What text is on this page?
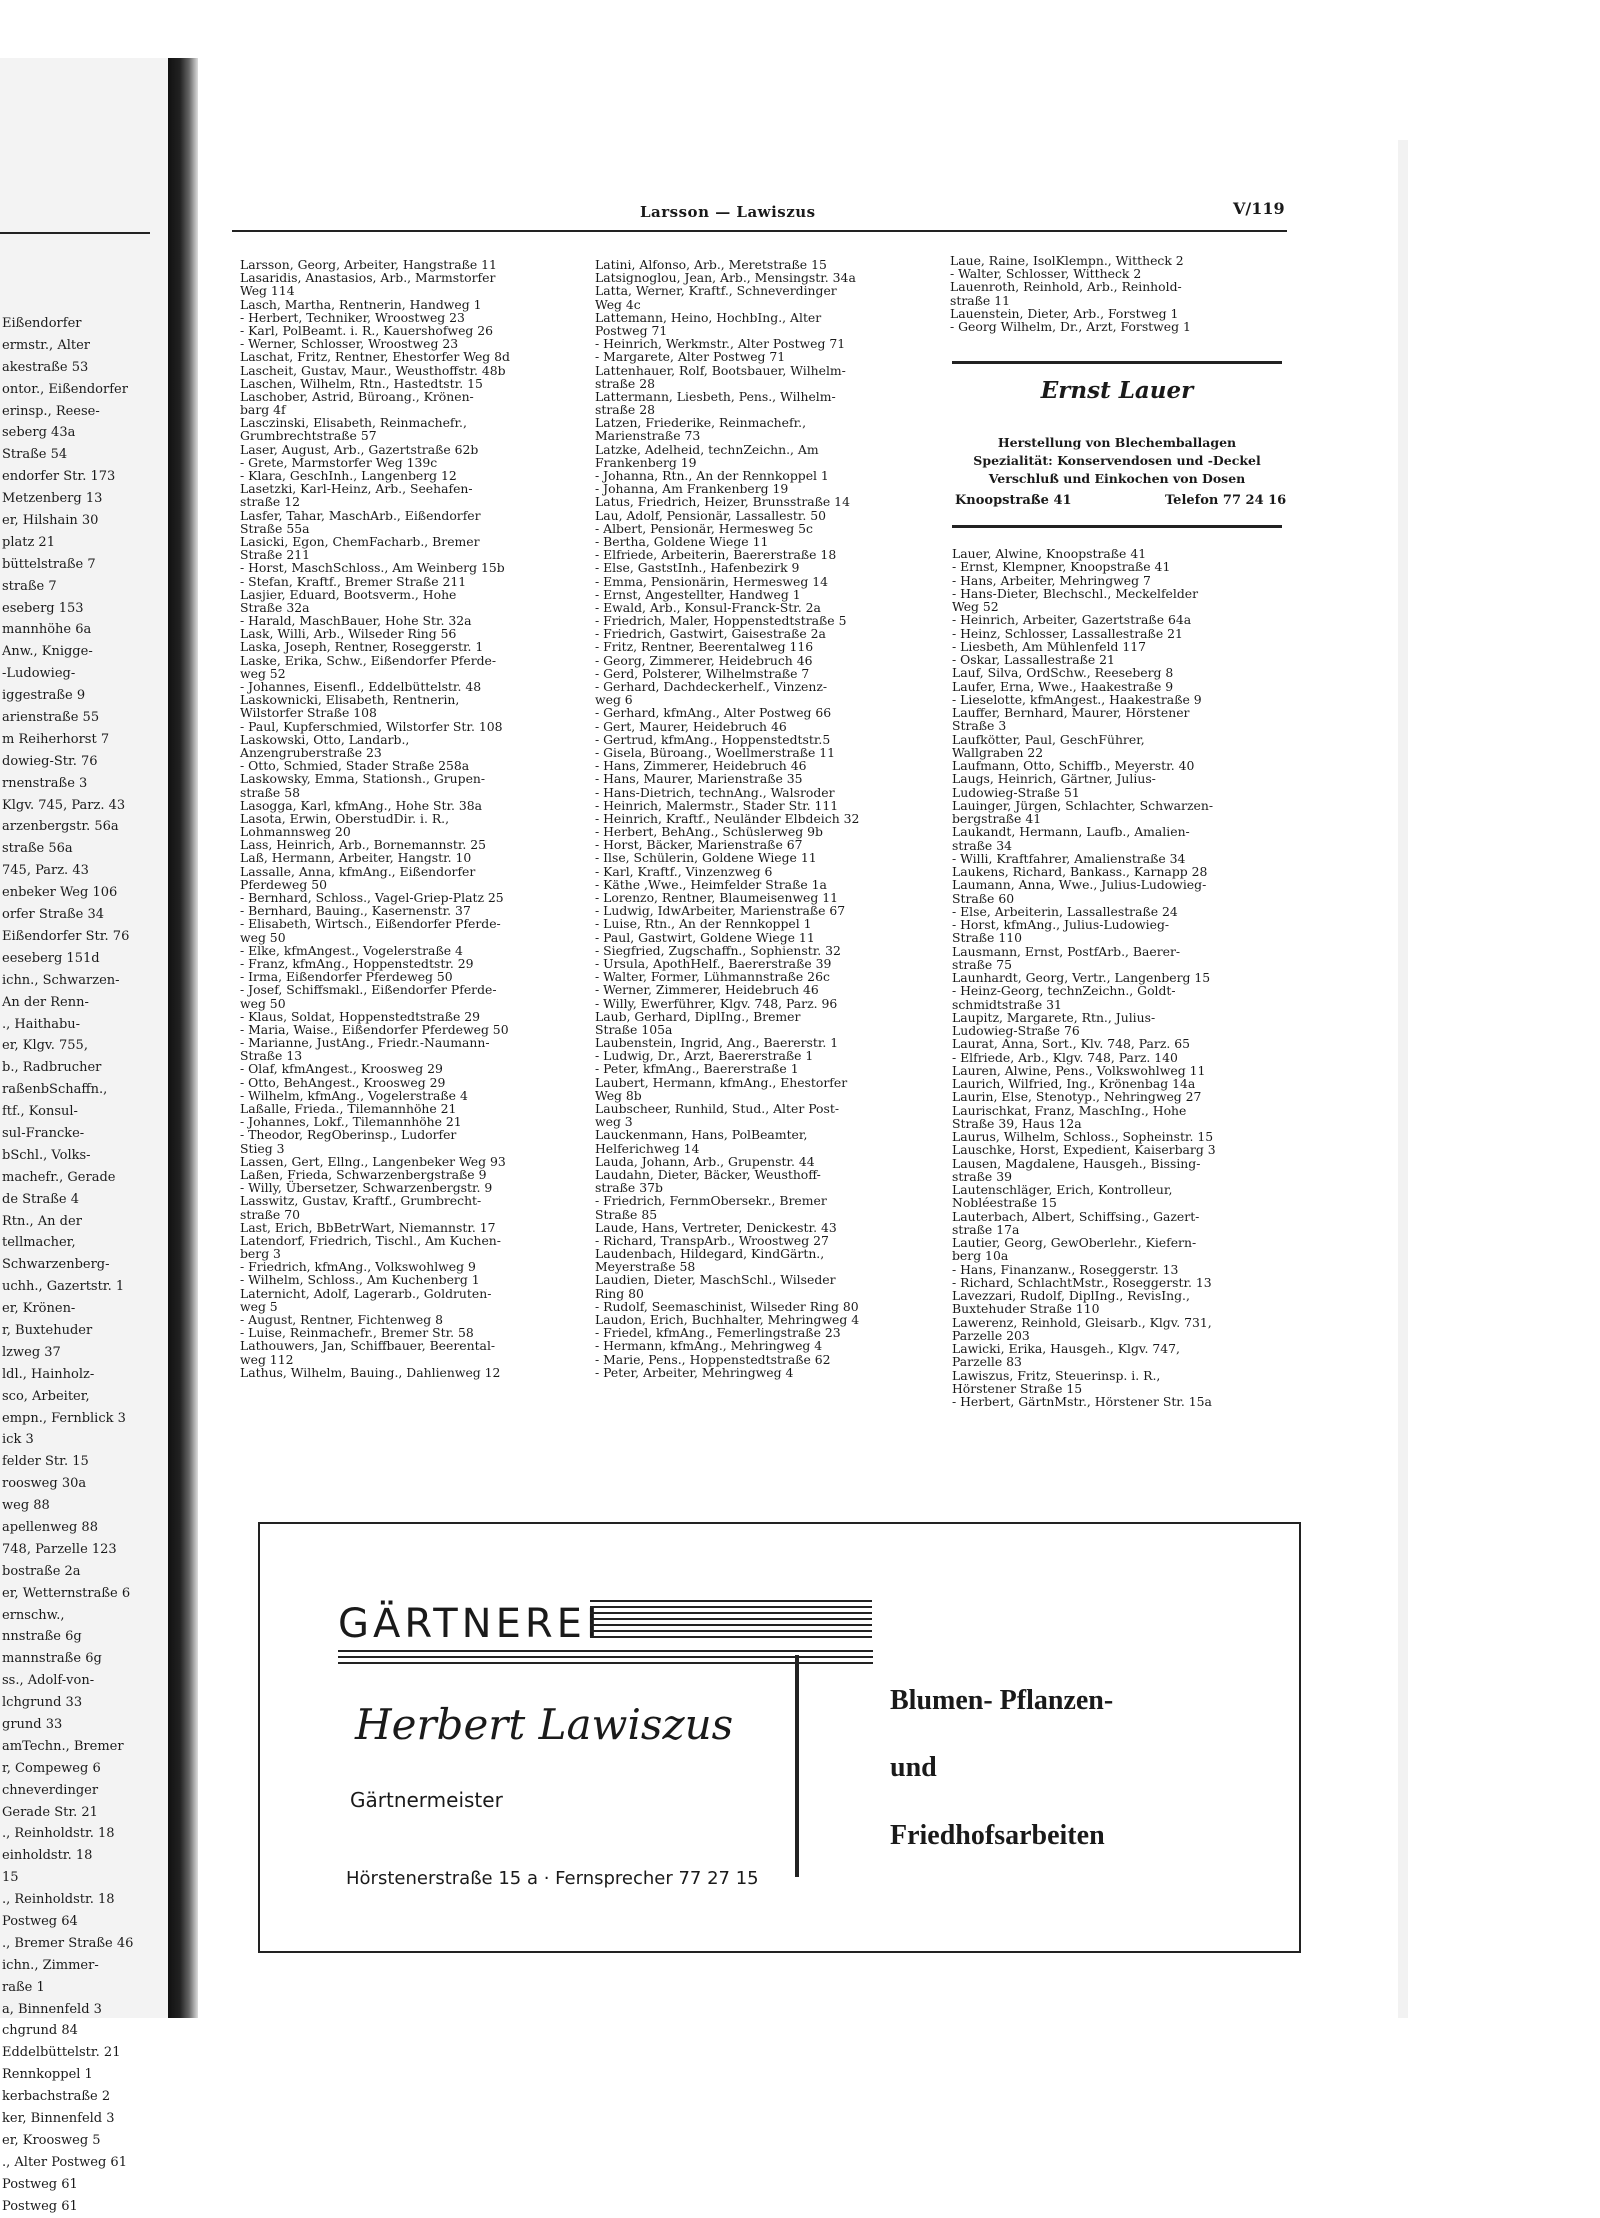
Eißendorfer
ermstr., Alter
akestraße 53
ontor., Eißendorfer
erinsp., Reese-
seberg 43a
Straße 54
endorfer Str. 173
Metzenberg 13
er, Hilshain 30
platz 21
büttelstraße 7
straße 7
eseberg 153
mannhöhe 6a
Anw., Knigge-
-Ludowieg-
iggestraße 9
arienstraße 55
m Reiherhorst 7
dowieg-Str. 76
rnenstraße 3
Klgv. 745, Parz. 43
arzenbergstr. 56a
straße 56a
745, Parz. 43
enbeker Weg 106
orfer Straße 34
Eißendorfer Str. 76
eeseberg 151d
ichn., Schwarzen-
An der Renn-
., Haithabu-
er, Klgv. 755,
b., Radbrucher
raßenbSchaffn.,
ftf., Konsul-
sul-Francke-
bSchl., Volks-
machefr., Gerade
de Straße 4
Rtn., An der
tellmacher,
Schwarzenberg-
uchh., Gazertstr. 1
er, Krönen-
r, Buxtehuder
lzweg 37
ldl., Hainholz-
sco, Arbeiter,
empn., Fernblick 3
ick 3
felder Str. 15
roosweg 30a
weg 88
apellenweg 88
748, Parzelle 123
bostraße 2a
er, Wetternstraße 6
ernschw.,
nnstraße 6g
mannstraße 6g
ss., Adolf-von-
lchgrund 33
grund 33
amTechn., Bremer
r, Compeweg 6
chneverdinger
Gerade Str. 21
., Reinholdstr. 18
einholdstr. 18
15
., Reinholdstr. 18
Postweg 64
., Bremer Straße 46
ichn., Zimmer-
raße 1
a, Binnenfeld 3
chgrund 84
Eddelbüttelstr. 21
Rennkoppel 1
kerbachstraße 2
ker, Binnenfeld 3
er, Kroosweg 5
., Alter Postweg 61
Postweg 61
Postweg 61
Larsson — Lawiszus	V/119
Larsson, Georg, Arbeiter, Hangstraße 11
Lasaridis, Anastasios, Arb., Marmstorfer
Weg 114
Lasch, Martha, Rentnerin, Handweg 1
- Herbert, Techniker, Wroostweg 23
- Karl, PolBeamt. i. R., Kauershofweg 26
- Werner, Schlosser, Wroostweg 23
Laschat, Fritz, Rentner, Ehestorfer Weg 8d
Lascheit, Gustav, Maur., Weusthoffstr. 48b
Laschen, Wilhelm, Rtn., Hastedtstr. 15
Laschober, Astrid, Büroang., Krönen-
barg 4f
Lasczinski, Elisabeth, Reinmachefr.,
Grumbrechtstraße 57
Laser, August, Arb., Gazertstraße 62b
- Grete, Marmstorfer Weg 139c
- Klara, GeschInh., Langenberg 12
Lasetzki, Karl-Heinz, Arb., Seehafen-
straße 12
Lasfer, Tahar, MaschArb., Eißendorfer
Straße 55a
Lasicki, Egon, ChemFacharb., Bremer
Straße 211
- Horst, MaschSchloss., Am Weinberg 15b
- Stefan, Kraftf., Bremer Straße 211
Lasjier, Eduard, Bootsverm., Hohe
Straße 32a
- Harald, MaschBauer, Hohe Str. 32a
Lask, Willi, Arb., Wilseder Ring 56
Laska, Joseph, Rentner, Roseggerstr. 1
Laske, Erika, Schw., Eißendorfer Pferde-
weg 52
- Johannes, Eisenfl., Eddelbüttelstr. 48
Laskownicki, Elisabeth, Rentnerin,
Wilstorfer Straße 108
- Paul, Kupferschmied, Wilstorfer Str. 108
Laskowski, Otto, Landarb.,
Anzengruberstraße 23
- Otto, Schmied, Stader Straße 258a
Laskowsky, Emma, Stationsh., Grupen-
straße 58
Lasogga, Karl, kfmAng., Hohe Str. 38a
Lasota, Erwin, OberstudDir. i. R.,
Lohmannsweg 20
Lass, Heinrich, Arb., Bornemannstr. 25
Laß, Hermann, Arbeiter, Hangstr. 10
Lassalle, Anna, kfmAng., Eißendorfer
Pferdeweg 50
- Bernhard, Schloss., Vagel-Griep-Platz 25
- Bernhard, Bauing., Kasernenstr. 37
- Elisabeth, Wirtsch., Eißendorfer Pferde-
weg 50
- Elke, kfmAngest., Vogelerstraße 4
- Franz, kfmAng., Hoppenstedtstr. 29
- Irma, Eißendorfer Pferdeweg 50
- Josef, Schiffsmakl., Eißendorfer Pferde-
weg 50
- Klaus, Soldat, Hoppenstedtstraße 29
- Maria, Waise., Eißendorfer Pferdeweg 50
- Marianne, JustAng., Friedr.-Naumann-
Straße 13
- Olaf, kfmAngest., Kroosweg 29
- Otto, BehAngest., Kroosweg 29
- Wilhelm, kfmAng., Vogelerstraße 4
Laßalle, Frieda., Tilemannhöhe 21
- Johannes, Lokf., Tilemannhöhe 21
- Theodor, RegOberinsp., Ludorfer
Stieg 3
Lassen, Gert, Ellng., Langenbeker Weg 93
Laßen, Frieda, Schwarzenbergstraße 9
- Willy, Übersetzer, Schwarzenbergstr. 9
Lasswitz, Gustav, Kraftf., Grumbrecht-
straße 70
Last, Erich, BbBetrWart, Niemannstr. 17
Latendorf, Friedrich, Tischl., Am Kuchen-
berg 3
- Friedrich, kfmAng., Volkswohlweg 9
- Wilhelm, Schloss., Am Kuchenberg 1
Laternicht, Adolf, Lagerarb., Goldruten-
weg 5
- August, Rentner, Fichtenweg 8
- Luise, Reinmachefr., Bremer Str. 58
Lathouwers, Jan, Schiffbauer, Beerental-
weg 112
Lathus, Wilhelm, Bauing., Dahlienweg 12
Latini, Alfonso, Arb., Meretstraße 15
Latsignoglou, Jean, Arb., Mensingstr. 34a
Latta, Werner, Kraftf., Schneverdinger
Weg 4c
Lattemann, Heino, HochbIng., Alter
Postweg 71
- Heinrich, Werkmstr., Alter Postweg 71
- Margarete, Alter Postweg 71
Lattenhauer, Rolf, Bootsbauer, Wilhelm-
straße 28
Lattermann, Liesbeth, Pens., Wilhelm-
straße 28
Latzen, Friederike, Reinmachefr.,
Marienstraße 73
Latzke, Adelheid, technZeichn., Am
Frankenberg 19
- Johanna, Rtn., An der Rennkoppel 1
- Johanna, Am Frankenberg 19
Latus, Friedrich, Heizer, Brunsstraße 14
Lau, Adolf, Pensionär, Lassallestr. 50
- Albert, Pensionär, Hermesweg 5c
- Bertha, Goldene Wiege 11
- Elfriede, Arbeiterin, Baererstraße 18
- Else, GaststInh., Hafenbezirk 9
- Emma, Pensionärin, Hermesweg 14
- Ernst, Angestellter, Handweg 1
- Ewald, Arb., Konsul-Franck-Str. 2a
- Friedrich, Maler, Hoppenstedtstraße 5
- Friedrich, Gastwirt, Gaisestraße 2a
- Fritz, Rentner, Beerentalweg 116
- Georg, Zimmerer, Heidebruch 46
- Gerd, Polsterer, Wilhelmstraße 7
- Gerhard, Dachdeckerhelf., Vinzenz-
weg 6
- Gerhard, kfmAng., Alter Postweg 66
- Gert, Maurer, Heidebruch 46
- Gertrud, kfmAng., Hoppenstedtstr.5
- Gisela, Büroang., Woellmerstraße 11
- Hans, Zimmerer, Heidebruch 46
- Hans, Maurer, Marienstraße 35
- Hans-Dietrich, technAng., Walsroder
- Heinrich, Malermstr., Stader Str. 111
- Heinrich, Kraftf., Neuländer Elbdeich 32
- Herbert, BehAng., Schüslerweg 9b
- Horst, Bäcker, Marienstraße 67
- Ilse, Schülerin, Goldene Wiege 11
- Karl, Kraftf., Vinzenzweg 6
- Käthe ,Wwe., Heimfelder Straße 1a
- Lorenzo, Rentner, Blaumeisenweg 11
- Ludwig, IdwArbeiter, Marienstraße 67
- Luise, Rtn., An der Rennkoppel 1
- Paul, Gastwirt, Goldene Wiege 11
- Siegfried, Zugschaffn., Sophienstr. 32
- Ursula, ApothHelf., Baererstraße 39
- Walter, Former, Lühmannstraße 26c
- Werner, Zimmerer, Heidebruch 46
- Willy, Ewerführer, Klgv. 748, Parz. 96
Laub, Gerhard, DiplIng., Bremer
Straße 105a
Laubenstein, Ingrid, Ang., Baererstr. 1
- Ludwig, Dr., Arzt, Baererstraße 1
- Peter, kfmAng., Baererstraße 1
Laubert, Hermann, kfmAng., Ehestorfer
Weg 8b
Laubscheer, Runhild, Stud., Alter Post-
weg 3
Lauckenmann, Hans, PolBeamter,
Helferichweg 14
Lauda, Johann, Arb., Grupenstr. 44
Laudahn, Dieter, Bäcker, Weusthoff-
straße 37b
- Friedrich, FernmObersekr., Bremer
Straße 85
Laude, Hans, Vertreter, Denickestr. 43
- Richard, TranspArb., Wroostweg 27
Laudenbach, Hildegard, KindGärtn.,
Meyerstraße 58
Laudien, Dieter, MaschSchl., Wilseder
Ring 80
- Rudolf, Seemaschinist, Wilseder Ring 80
Laudon, Erich, Buchhalter, Mehringweg 4
- Friedel, kfmAng., Femerlingstraße 23
- Hermann, kfmAng., Mehringweg 4
- Marie, Pens., Hoppenstedtstraße 62
- Peter, Arbeiter, Mehringweg 4
Laue, Raine, IsolKlempn., Wittheck 2
- Walter, Schlosser, Wittheck 2
Lauenroth, Reinhold, Arb., Reinhold-
straße 11
Lauenstein, Dieter, Arb., Forstweg 1
- Georg Wilhelm, Dr., Arzt, Forstweg 1
Ernst Lauer
Herstellung von Blechemballagen
Spezialität: Konservendosen und -Deckel
Verschluß und Einkochen von Dosen
Knoopstraße 41	Telefon 77 24 16
Lauer, Alwine, Knoopstraße 41
- Ernst, Klempner, Knoopstraße 41
- Hans, Arbeiter, Mehringweg 7
- Hans-Dieter, Blechschl., Meckelfelder
Weg 52
- Heinrich, Arbeiter, Gazertstraße 64a
- Heinz, Schlosser, Lassallestraße 21
- Liesbeth, Am Mühlenfeld 117
- Oskar, Lassallestraße 21
Lauf, Silva, OrdSchw., Reeseberg 8
Laufer, Erna, Wwe., Haakestraße 9
- Lieselotte, kfmAngest., Haakestraße 9
Lauffer, Bernhard, Maurer, Hörstener
Straße 3
Laufkötter, Paul, GeschFührer,
Wallgraben 22
Laufmann, Otto, Schiffb., Meyerstr. 40
Laugs, Heinrich, Gärtner, Julius-
Ludowieg-Straße 51
Lauinger, Jürgen, Schlachter, Schwarzen-
bergstraße 41
Laukandt, Hermann, Laufb., Amalien-
straße 34
- Willi, Kraftfahrer, Amalienstraße 34
Laukens, Richard, Bankass., Karnapp 28
Laumann, Anna, Wwe., Julius-Ludowieg-
Straße 60
- Else, Arbeiterin, Lassallestraße 24
- Horst, kfmAng., Julius-Ludowieg-
Straße 110
Lausmann, Ernst, PostfArb., Baerer-
straße 75
Launhardt, Georg, Vertr., Langenberg 15
- Heinz-Georg, technZeichn., Goldt-
schmidtstraße 31
Laupitz, Margarete, Rtn., Julius-
Ludowieg-Straße 76
Laurat, Anna, Sort., Klv. 748, Parz. 65
- Elfriede, Arb., Klgv. 748, Parz. 140
Lauren, Alwine, Pens., Volkswohlweg 11
Laurich, Wilfried, Ing., Krönenbag 14a
Laurin, Else, Stenotyp., Nehringweg 27
Laurischkat, Franz, MaschIng., Hohe
Straße 39, Haus 12a
Laurus, Wilhelm, Schloss., Sopheinstr. 15
Lauschke, Horst, Expedient, Kaiserbarg 3
Lausen, Magdalene, Hausgeh., Bissing-
straße 39
Lautenschläger, Erich, Kontrolleur,
Nobléestraße 15
Lauterbach, Albert, Schiffsing., Gazert-
straße 17a
Lautier, Georg, GewOberlehr., Kiefern-
berg 10a
- Hans, Finanzanw., Roseggerstr. 13
- Richard, SchlachtMstr., Roseggerstr. 13
Lavezzari, Rudolf, DiplIng., RevisIng.,
Buxtehuder Straße 110
Lawerenz, Reinhold, Gleisarb., Klgv. 731,
Parzelle 203
Lawicki, Erika, Hausgeh., Klgv. 747,
Parzelle 83
Lawiszus, Fritz, Steuerinsp. i. R.,
Hörstener Straße 15
- Herbert, GärtnMstr., Hörstener Str. 15a
GÄRTNEREI
Herbert Lawiszus
Gärtnermeister
Hörstenerstraße 15 a · Fernsprecher 77 27 15
Blumen- Pflanzen-
und
Friedhofsarbeiten
